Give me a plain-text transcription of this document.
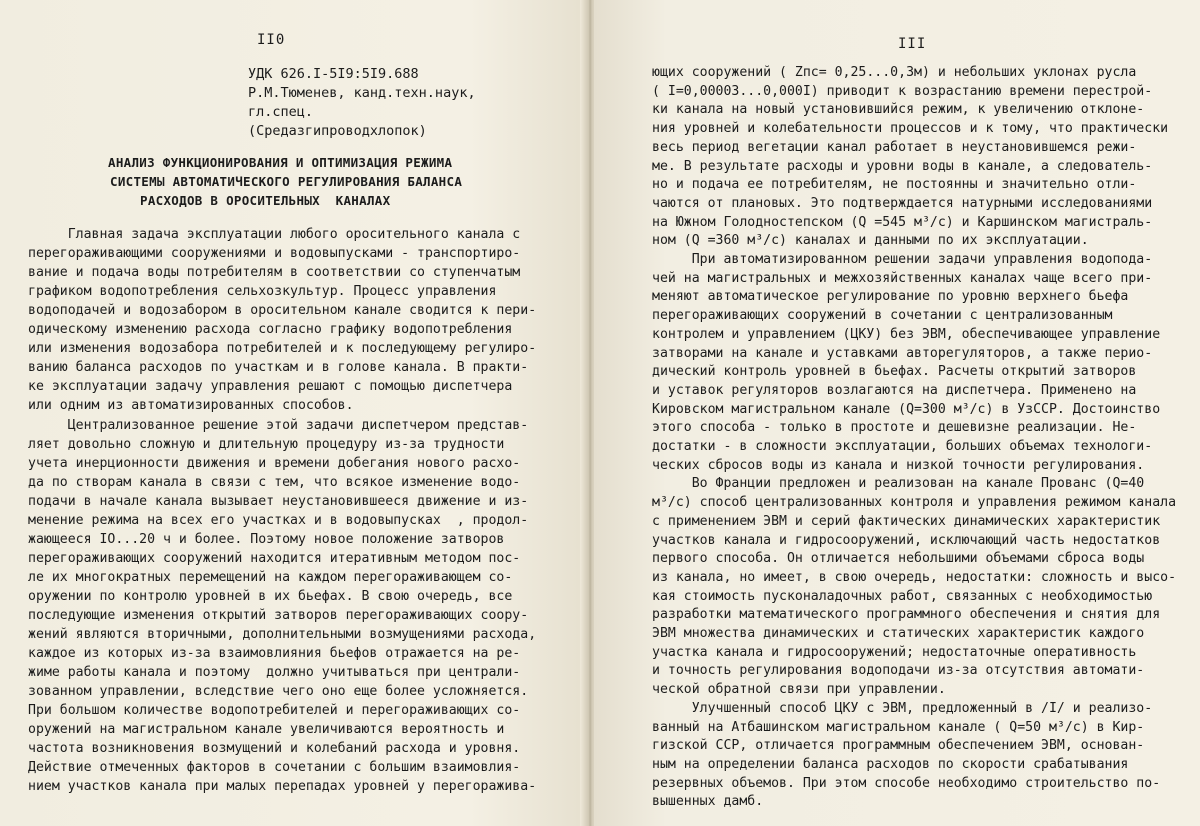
II0
УДК 626.I-5I9:5I9.688
Р.М.Тюменев, канд.техн.наук,
гл.спец.
(Средазгипроводхлопок)
АНАЛИЗ ФУНКЦИОНИРОВАНИЯ И ОПТИМИЗАЦИЯ РЕЖИМА
СИСТЕМЫ АВТОМАТИЧЕСКОГО РЕГУЛИРОВАНИЯ БАЛАНСА
РАСХОДОВ В ОРОСИТЕЛЬНЫХ  КАНАЛАХ
Главная задача эксплуатации любого оросительного канала с
перегораживающими сооружениями и водовыпусками - транспортиро-
вание и подача воды потребителям в соответствии со ступенчатым
графиком водопотребления сельхозкультур. Процесс управления
водоподачей и водозабором в оросительном канале сводится к пери-
одическому изменению расхода согласно графику водопотребления
или изменения водозабора потребителей и к последующему регулиро-
ванию баланса расходов по участкам и в голове канала. В практи-
ке эксплуатации задачу управления решают с помощью диспетчера
или одним из автоматизированных способов.
Централизованное решение этой задачи диспетчером представ-
ляет довольно сложную и длительную процедуру из-за трудности
учета инерционности движения и времени добегания нового расхо-
да по створам канала в связи с тем, что всякое изменение водо-
подачи в начале канала вызывает неустановившееся движение и из-
менение режима на всех его участках и в водовыпусках  , продол-
жающееся IO...20 ч и более. Поэтому новое положение затворов
перегораживающих сооружений находится итеративным методом пос-
ле их многократных перемещений на каждом перегораживающем со-
оружении по контролю уровней в их бьефах. В свою очередь, все
последующие изменения открытий затворов перегораживающих соору-
жений являются вторичными, дополнительными возмущениями расхода,
каждое из которых из-за взаимовлияния бьефов отражается на ре-
жиме работы канала и поэтому  должно учитываться при централи-
зованном управлении, вследствие чего оно еще более усложняется.
При большом количестве водопотребителей и перегораживающих со-
оружений на магистральном канале увеличиваются вероятность и
частота возникновения возмущений и колебаний расхода и уровня.
Действие отмеченных факторов в сочетании с большим взаимовлия-
нием участков канала при малых перепадах уровней у перегоражива-
III
ющих сооружений ( Zпс= 0,25...0,3м) и небольших уклонах русла
( I=0,00003...0,000I) приводит к возрастанию времени перестрой-
ки канала на новый установившийся режим, к увеличению отклоне-
ния уровней и колебательности процессов и к тому, что практически
весь период вегетации канал работает в неустановившемся режи-
ме. В результате расходы и уровни воды в канале, а следователь-
но и подача ее потребителям, не постоянны и значительно отли-
чаются от плановых. Это подтверждается натурными исследованиями
на Южном Голодностепском (Q =545 м³/с) и Каршинском магистраль-
ном (Q =360 м³/с) каналах и данными по их эксплуатации.
При автоматизированном решении задачи управления водопода-
чей на магистральных и межхозяйственных каналах чаще всего при-
меняют автоматическое регулирование по уровню верхнего бьефа
перегораживающих сооружений в сочетании с централизованным
контролем и управлением (ЦКУ) без ЭВМ, обеспечивающее управление
затворами на канале и уставками авторегуляторов, а также перио-
дический контроль уровней в бьефах. Расчеты открытий затворов
и уставок регуляторов возлагаются на диспетчера. Применено на
Кировском магистральном канале (Q=300 м³/с) в УзССР. Достоинство
этого способа - только в простоте и дешевизне реализации. Не-
достатки - в сложности эксплуатации, больших объемах технологи-
ческих сбросов воды из канала и низкой точности регулирования.
Во Франции предложен и реализован на канале Прованс (Q=40
м³/с) способ централизованных контроля и управления режимом канала
с применением ЭВМ и серий фактических динамических характеристик
участков канала и гидросооружений, исключающий часть недостатков
первого способа. Он отличается небольшими объемами сброса воды
из канала, но имеет, в свою очередь, недостатки: сложность и высо-
кая стоимость пусконаладочных работ, связанных с необходимостью
разработки математического программного обеспечения и снятия для
ЭВМ множества динамических и статических характеристик каждого
участка канала и гидросооружений; недостаточные оперативность
и точность регулирования водоподачи из-за отсутствия автомати-
ческой обратной связи при управлении.
Улучшенный способ ЦКУ с ЭВМ, предложенный в /I/ и реализо-
ванный на Атбашинском магистральном канале ( Q=50 м³/с) в Кир-
гизской ССР, отличается программным обеспечением ЭВМ, основан-
ным на определении баланса расходов по скорости срабатывания
резервных объемов. При этом способе необходимо строительство по-
вышенных дамб.
